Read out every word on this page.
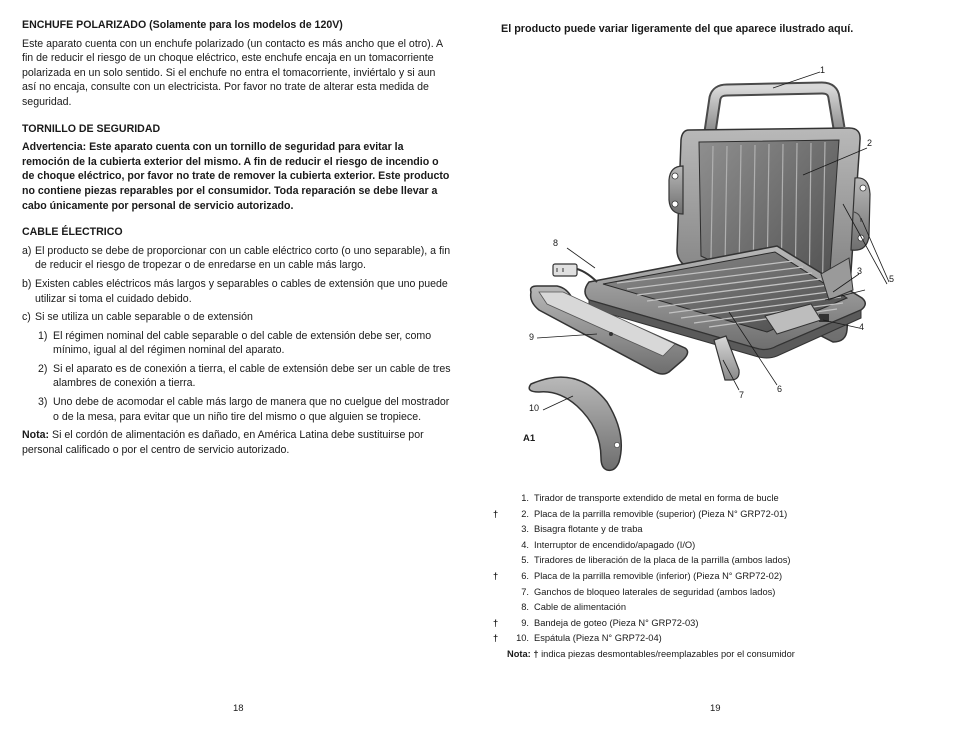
ENCHUFE POLARIZADO (Solamente para los modelos de 120V)

Este aparato cuenta con un enchufe polarizado (un contacto es más ancho que el otro). A fin de reducir el riesgo de un choque eléctrico, este enchufe encaja en un tomacorriente polarizada en un solo sentido. Si el enchufe no entra el tomacorriente, inviértalo y si aun así no encaja, consulte con un electricista. Por favor no trate de alterar esta medida de seguridad.

TORNILLO DE SEGURIDAD

Advertencia: Este aparato cuenta con un tornillo de seguridad para evitar la remoción de la cubierta exterior del mismo. A fin de reducir el riesgo de incendio o de choque eléctrico, por favor no trate de remover la cubierta exterior. Este producto no contiene piezas reparables por el consumidor. Toda reparación se debe llevar a cabo únicamente por personal de servicio autorizado.

CABLE ÉLECTRICO

a) El producto se debe de proporcionar con un cable eléctrico corto (o uno separable), a fin de reducir el riesgo de tropezar o de enredarse en un cable más largo.
b) Existen cables eléctricos más largos y separables o cables de extensión que uno puede utilizar si toma el cuidado debido.
c) Si se utiliza un cable separable o de extensión
1) El régimen nominal del cable separable o del cable de extensión debe ser, como mínimo, igual al del régimen nominal del aparato.
2) Si el aparato es de conexión a tierra, el cable de extensión debe ser un cable de tres alambres de conexión a tierra.
3) Uno debe de acomodar el cable más largo de manera que no cuelgue del mostrador o de la mesa, para evitar que un niño tire del mismo o que alguien se tropiece.

Nota: Si el cordón de alimentación es dañado, en América Latina debe sustituirse por personal calificado o por el centro de servicio autorizado.

18
El producto puede variar ligeramente del que aparece ilustrado aquí.
1
2
3
4
5
6
7
8
9
10
A1
1. Tirador de transporte extendido de metal en forma de bucle
†	2. Placa de la parrilla removible (superior) (Pieza N° GRP72-01)
3. Bisagra flotante y de traba
4. Interruptor de encendido/apagado (I/O)
5. Tiradores de liberación de la placa de la parrilla (ambos lados)
†	6. Placa de la parrilla removible (inferior) (Pieza N° GRP72-02)
7. Ganchos de bloqueo laterales de seguridad (ambos lados)
8. Cable de alimentación
†	9. Bandeja de goteo (Pieza N° GRP72-03)
†	10. Espátula (Pieza N° GRP72-04)
Nota: † indica piezas desmontables/reemplazables por el consumidor
19
